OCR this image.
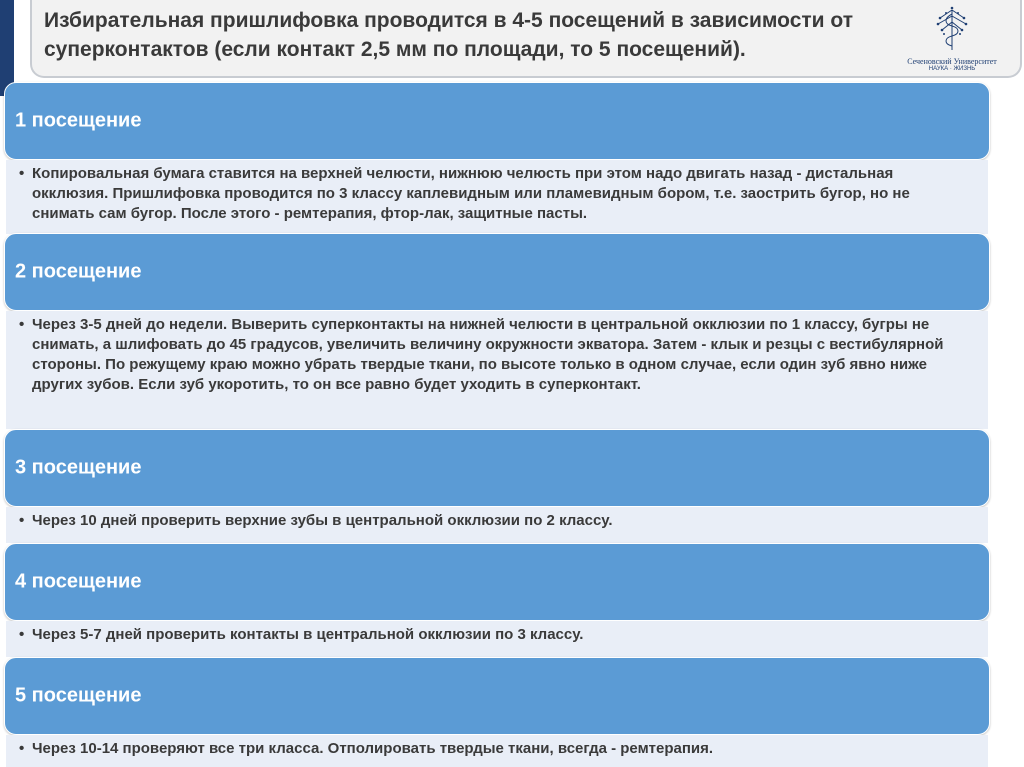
Избирательная пришлифовка проводится в 4-5 посещений в зависимости от суперконтактов (если контакт 2,5 мм по площади, то 5 посещений).
Сеченовский Университет
НАУКА · ЖИЗНЬ
1 посещение

• Копировальная бумага ставится на верхней челюсти, нижнюю челюсть при этом надо двигать назад - дистальная окклюзия. Пришлифовка проводится по 3 классу каплевидным или пламевидным бором, т.е. заострить бугор, но не снимать сам бугор. После этого - ремтерапия, фтор-лак, защитные пасты.

2 посещение

• Через 3-5 дней до недели. Выверить суперконтакты на нижней челюсти в центральной окклюзии по 1 классу, бугры не снимать, а шлифовать до 45 градусов, увеличить величину окружности экватора. Затем - клык и резцы с вестибулярной стороны. По режущему краю можно убрать твердые ткани, по высоте только в одном случае, если один зуб явно ниже других зубов. Если зуб укоротить, то он все равно будет уходить в суперконтакт.

3 посещение

• Через 10 дней проверить верхние зубы в центральной окклюзии по 2 классу.

4 посещение

• Через 5-7 дней проверить контакты в центральной окклюзии по 3 классу.

5 посещение

• Через 10-14 проверяют все три класса. Отполировать твердые ткани, всегда - ремтерапия.
